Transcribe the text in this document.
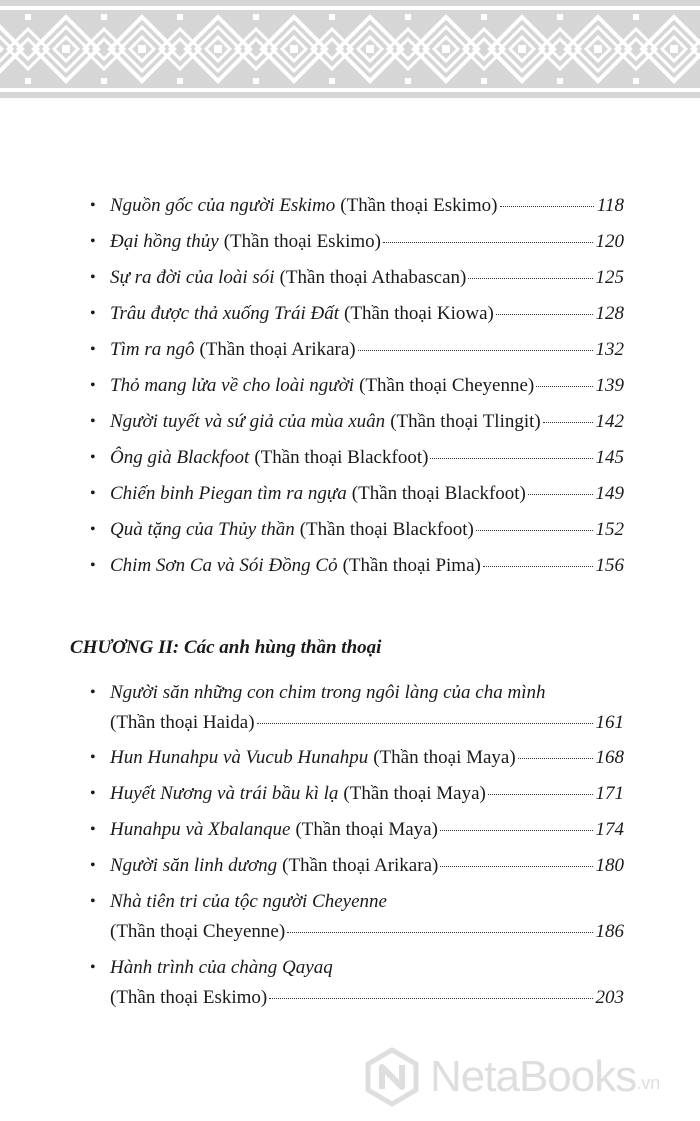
• Nguồn gốc của người Eskimo (Thần thoại Eskimo)	118
• Đại hồng thủy (Thần thoại Eskimo)	120
• Sự ra đời của loài sói (Thần thoại Athabascan)	125
• Trâu được thả xuống Trái Đất (Thần thoại Kiowa)	128
• Tìm ra ngô (Thần thoại Arikara)	132
• Thỏ mang lửa về cho loài người (Thần thoại Cheyenne)	139
• Người tuyết và sứ giả của mùa xuân (Thần thoại Tlingit)	142
• Ông già Blackfoot (Thần thoại Blackfoot)	145
• Chiến binh Piegan tìm ra ngựa (Thần thoại Blackfoot)	149
• Quà tặng của Thủy thần (Thần thoại Blackfoot)	152
• Chim Sơn Ca và Sói Đồng Cỏ (Thần thoại Pima)	156
CHƯƠNG II: Các anh hùng thần thoại
• Người săn những con chim trong ngôi làng của cha mình
(Thần thoại Haida)	161
• Hun Hunahpu và Vucub Hunahpu (Thần thoại Maya)	168
• Huyết Nương và trái bầu kì lạ (Thần thoại Maya)	171
• Hunahpu và Xbalanque (Thần thoại Maya)	174
• Người săn linh dương (Thần thoại Arikara)	180
• Nhà tiên tri của tộc người Cheyenne
(Thần thoại Cheyenne)	186
• Hành trình của chàng Qayaq
(Thần thoại Eskimo)	203
NetaBooks .vn
